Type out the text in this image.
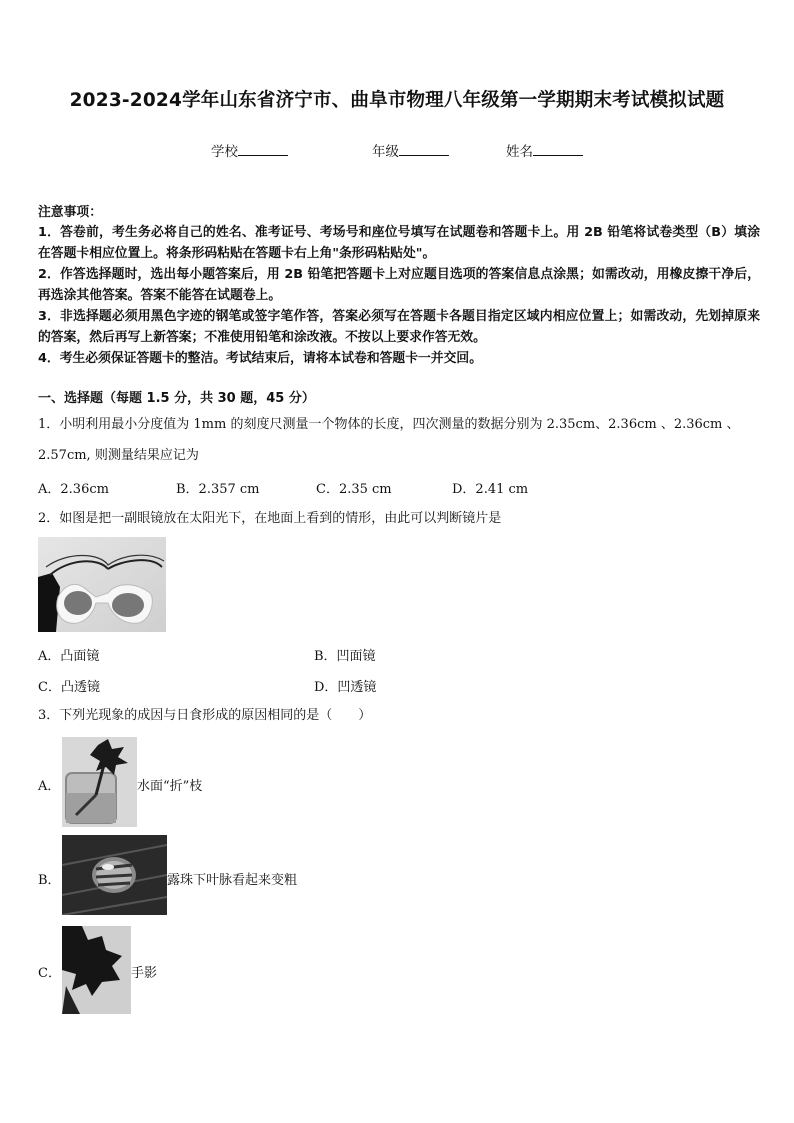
2023-2024学年山东省济宁市、曲阜市物理八年级第一学期期末考试模拟试题
学校	年级	姓名
注意事项：
1．答卷前，考生务必将自己的姓名、准考证号、考场号和座位号填写在试题卷和答题卡上。用 2B 铅笔将试卷类型（B）填涂在答题卡相应位置上。将条形码粘贴在答题卡右上角"条形码粘贴处"。
2．作答选择题时，选出每小题答案后，用 2B 铅笔把答题卡上对应题目选项的答案信息点涂黑；如需改动，用橡皮擦干净后，再选涂其他答案。答案不能答在试题卷上。
3．非选择题必须用黑色字迹的钢笔或签字笔作答，答案必须写在答题卡各题目指定区域内相应位置上；如需改动，先划掉原来的答案，然后再写上新答案；不准使用铅笔和涂改液。不按以上要求作答无效。
4．考生必须保证答题卡的整洁。考试结束后，请将本试卷和答题卡一并交回。
一、选择题（每题 1.5 分，共 30 题，45 分）
1．小明利用最小分度值为 1mm 的刻度尺测量一个物体的长度，四次测量的数据分别为 2.35cm、2.36cm 、2.36cm 、
2.57cm, 则测量结果应记为
A．2.36cm	B．2.357 cm	C．2.35 cm	D．2.41 cm
2．如图是把一副眼镜放在太阳光下，在地面上看到的情形，由此可以判断镜片是
A．凸面镜	B．凹面镜
C．凸透镜	D．凹透镜
3．下列光现象的成因与日食形成的原因相同的是（　　）
A．	水面“折”枝
B．	露珠下叶脉看起来变粗
C．	手影
